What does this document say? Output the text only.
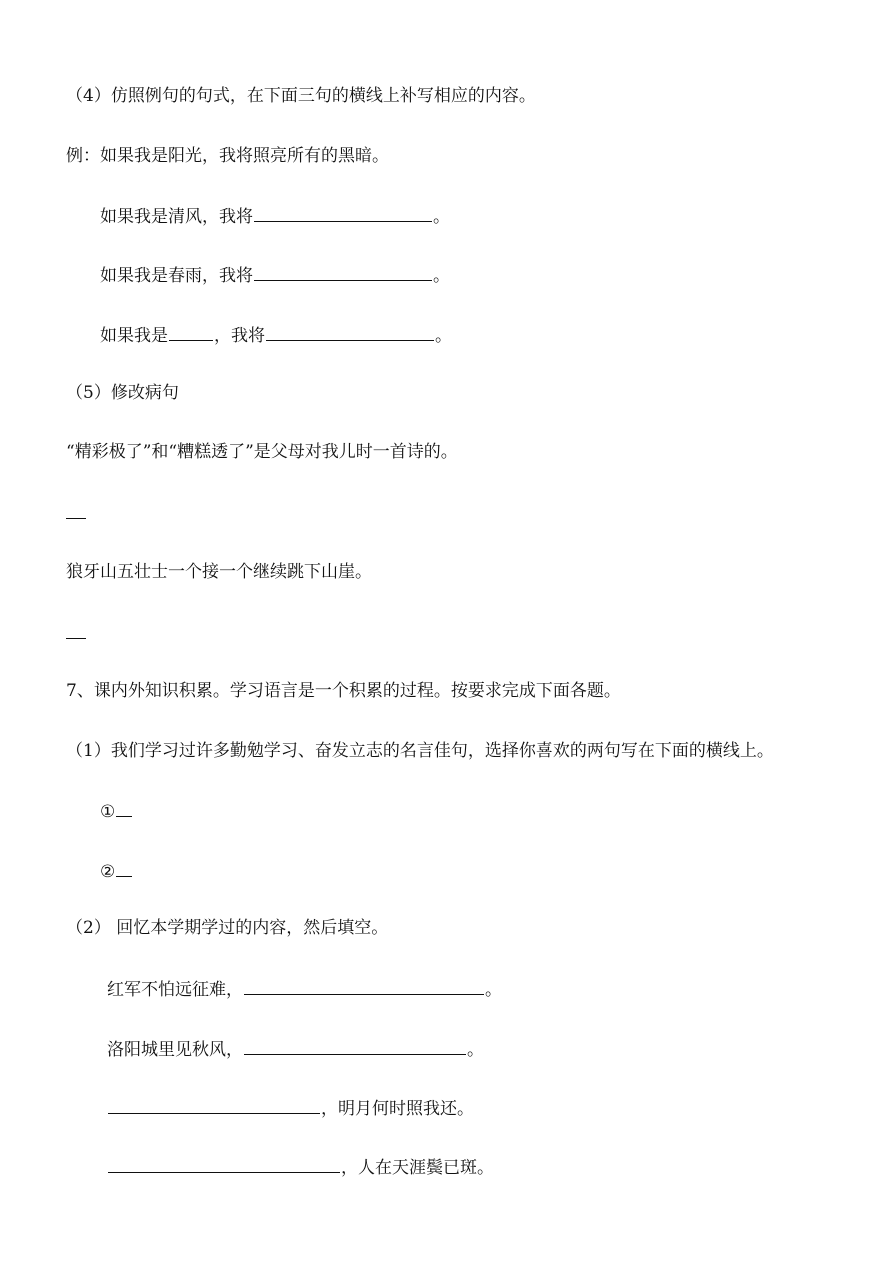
（4）仿照例句的句式，在下面三句的横线上补写相应的内容。
例：如果我是阳光，我将照亮所有的黑暗。
如果我是清风，我将	。
如果我是春雨，我将	。
如果我是	，我将	。
（5）修改病句
“精彩极了”和“糟糕透了”是父母对我儿时一首诗的。
狼牙山五壮士一个接一个继续跳下山崖。
7、课内外知识积累。学习语言是一个积累的过程。按要求完成下面各题。
（1）我们学习过许多勤勉学习、奋发立志的名言佳句，选择你喜欢的两句写在下面的横线上。
①
②
（2） 回忆本学期学过的内容，然后填空。
红军不怕远征难，	。
洛阳城里见秋风，	。
，明月何时照我还。
，人在天涯鬓已斑。
